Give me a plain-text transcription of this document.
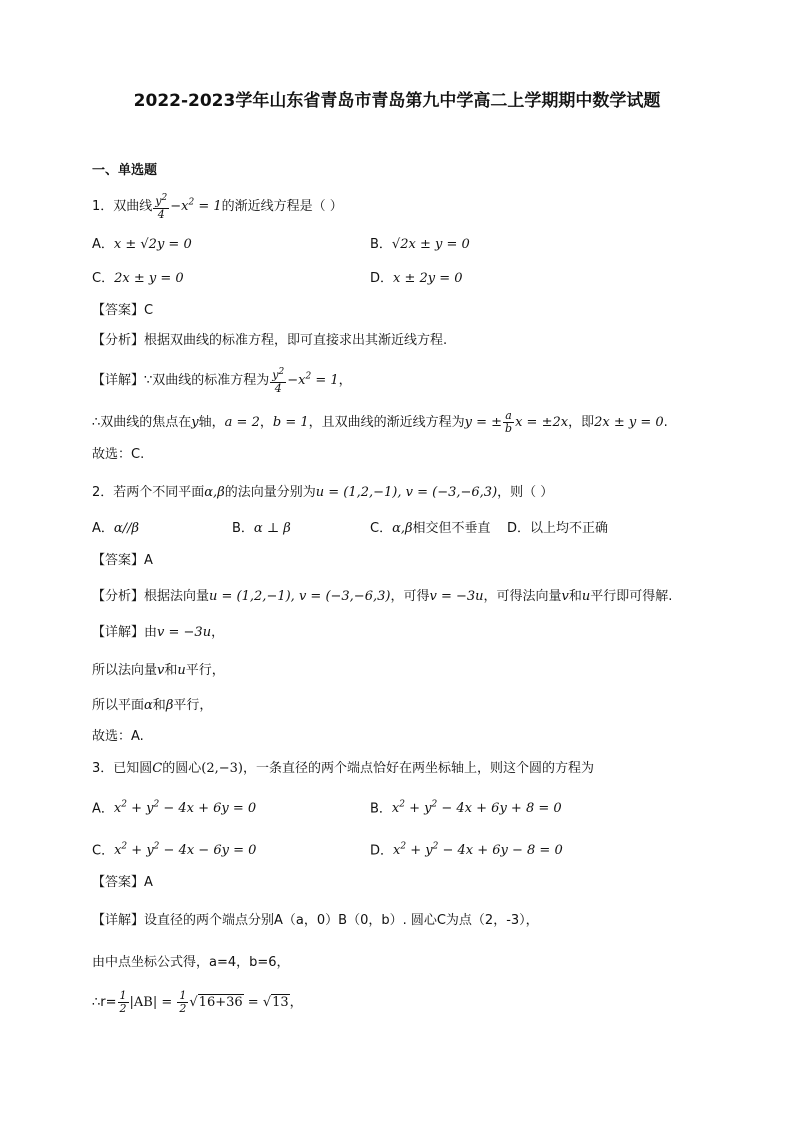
2022-2023学年山东省青岛市青岛第九中学高二上学期期中数学试题
一、单选题
1．双曲线 $\frac{y^2}{4} -x^2 = 1$的渐近线方程是（ ）
A．x ± √2y = 0	B．√2x ± y = 0
C．2x ± y = 0	D．x ± 2y = 0
【答案】C
【分析】根据双曲线的标准方程，即可直接求出其渐近线方程.
【详解】∵双曲线的标准方程为 $\frac{y^2}{4} -x^2 = 1$，
∴双曲线的焦点在y轴，a = 2，b = 1，且双曲线的渐近线方程为y = ± $\frac{a}{b}$ x = ±2x，即2x ± y = 0.
故选：C.
2．若两个不同平面α,β的法向量分别为u = (1,2,−1), v = (−3,−6,3)，则（ ）
A．α//β	B．α ⊥ β	C．α,β相交但不垂直 D．以上均不正确
【答案】A
【分析】根据法向量u = (1,2,−1), v = (−3,−6,3)，可得v = −3u，可得法向量v和u平行即可得解.
【详解】由v = −3u，
所以法向量v和u平行，
所以平面α和β平行，
故选：A.
3．已知圆C的圆心(2,−3)，一条直径的两个端点恰好在两坐标轴上，则这个圆的方程为
A．$x^2 + y^2 - 4x + 6y = 0$	B．$x^2 + y^2 - 4x + 6y + 8 = 0$
C．$x^2 + y^2 - 4x - 6y = 0$	D．$x^2 + y^2 - 4x + 6y - 8 = 0$
【答案】A
【详解】设直径的两个端点分别A（a，0）B（0，b）. 圆心C为点（2，-3），
由中点坐标公式得，a=4，b=6，
∴r= $\frac{1}{2} |AB| = \frac{1}{2} √16+36 = √13$，
